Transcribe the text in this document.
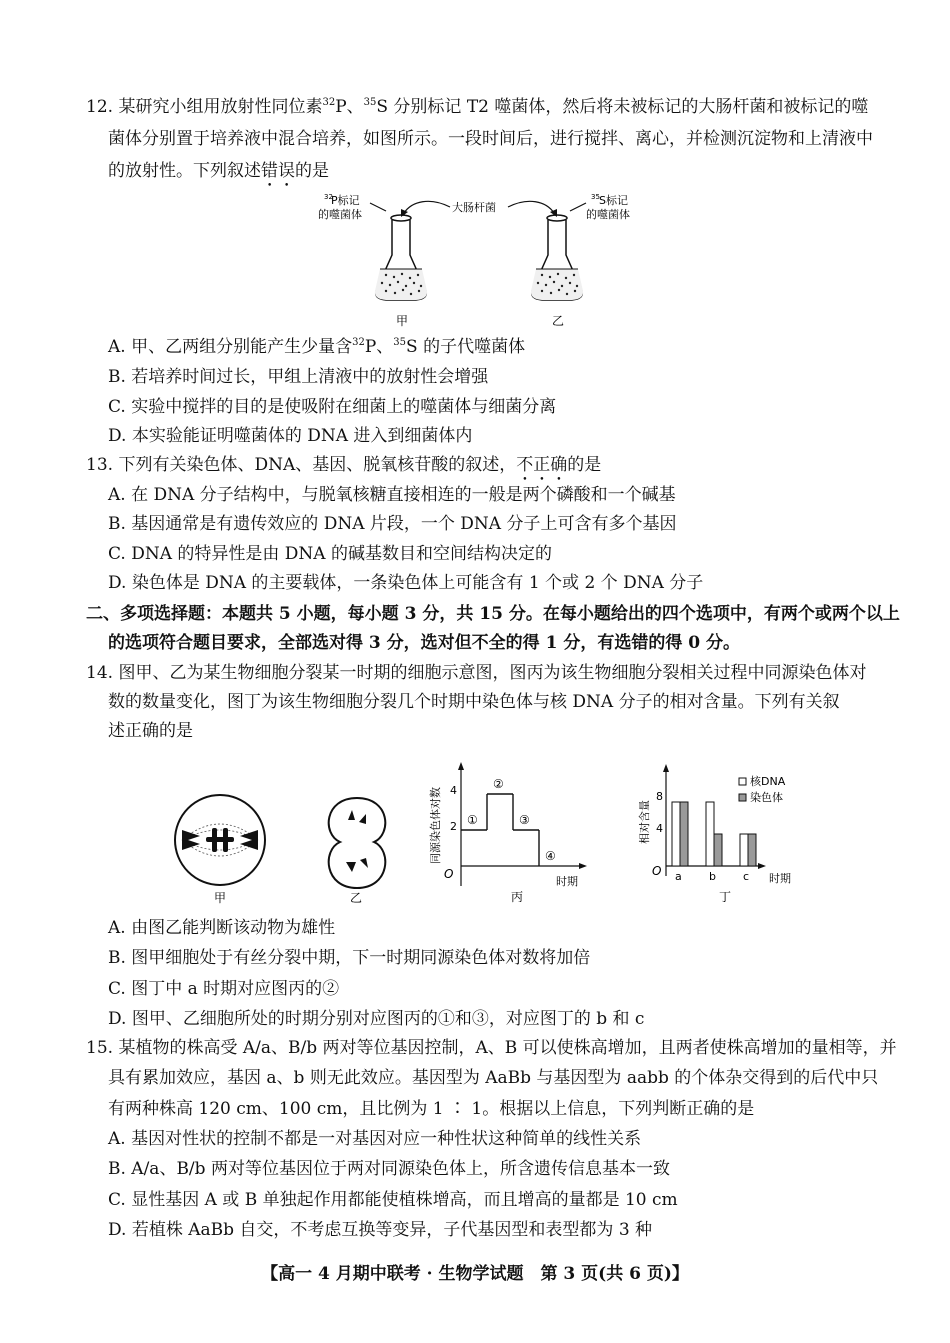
12. 某研究小组用放射性同位素$^{32}$P、$^{35}$S 分别标记 T2 噬菌体，然后将未被标记的大肠杆菌和被标记的噬
菌体分别置于培养液中混合培养，如图所示。一段时间后，进行搅拌、离心，并检测沉淀物和上清液中
的放射性。下列叙述错误的是
32
P标记
的噬菌体
大肠杆菌
35 S标记
的噬菌体
甲	乙
A. 甲、乙两组分别能产生少量含$^{32}$P、$^{35}$S 的子代噬菌体
B. 若培养时间过长，甲组上清液中的放射性会增强
C. 实验中搅拌的目的是使吸附在细菌上的噬菌体与细菌分离
D. 本实验能证明噬菌体的 DNA 进入到细菌体内
13. 下列有关染色体、DNA、基因、脱氧核苷酸的叙述，不正确的是
A. 在 DNA 分子结构中，与脱氧核糖直接相连的一般是两个磷酸和一个碱基
B. 基因通常是有遗传效应的 DNA 片段，一个 DNA 分子上可含有多个基因
C. DNA 的特异性是由 DNA 的碱基数目和空间结构决定的
D. 染色体是 DNA 的主要载体，一条染色体上可能含有 1 个或 2 个 DNA 分子
二、多项选择题：本题共 5 小题，每小题 3 分，共 15 分。在每小题给出的四个选项中，有两个或两个以上
的选项符合题目要求，全部选对得 3 分，选对但不全的得 1 分，有选错的得 0 分。
14. 图甲、乙为某生物细胞分裂某一时期的细胞示意图，图丙为该生物细胞分裂相关过程中同源染色体对
数的数量变化，图丁为该生物细胞分裂几个时期中染色体与核 DNA 分子的相对含量。下列有关叙
述正确的是
甲	乙
O
2
4
同源染色体对数
时期
丙
①
②
③
④
O
4
8
相对含量
时期
丁
核DNA
染色体
a b c
A. 由图乙能判断该动物为雄性
B. 图甲细胞处于有丝分裂中期，下一时期同源染色体对数将加倍
C. 图丁中 a 时期对应图丙的②
D. 图甲、乙细胞所处的时期分别对应图丙的①和③，对应图丁的 b 和 c
15. 某植物的株高受 A/a、B/b 两对等位基因控制，A、B 可以使株高增加，且两者使株高增加的量相等，并
具有累加效应，基因 a、b 则无此效应。基因型为 AaBb 与基因型为 aabb 的个体杂交得到的后代中只
有两种株高 120 cm、100 cm，且比例为 1 ∶ 1。根据以上信息，下列判断正确的是
A. 基因对性状的控制不都是一对基因对应一种性状这种简单的线性关系
B. A/a、B/b 两对等位基因位于两对同源染色体上，所含遗传信息基本一致
C. 显性基因 A 或 B 单独起作用都能使植株增高，而且增高的量都是 10 cm
D. 若植株 AaBb 自交，不考虑互换等变异，子代基因型和表型都为 3 种
【高一 4 月期中联考 · 生物学试题　第 3 页(共 6 页)】
